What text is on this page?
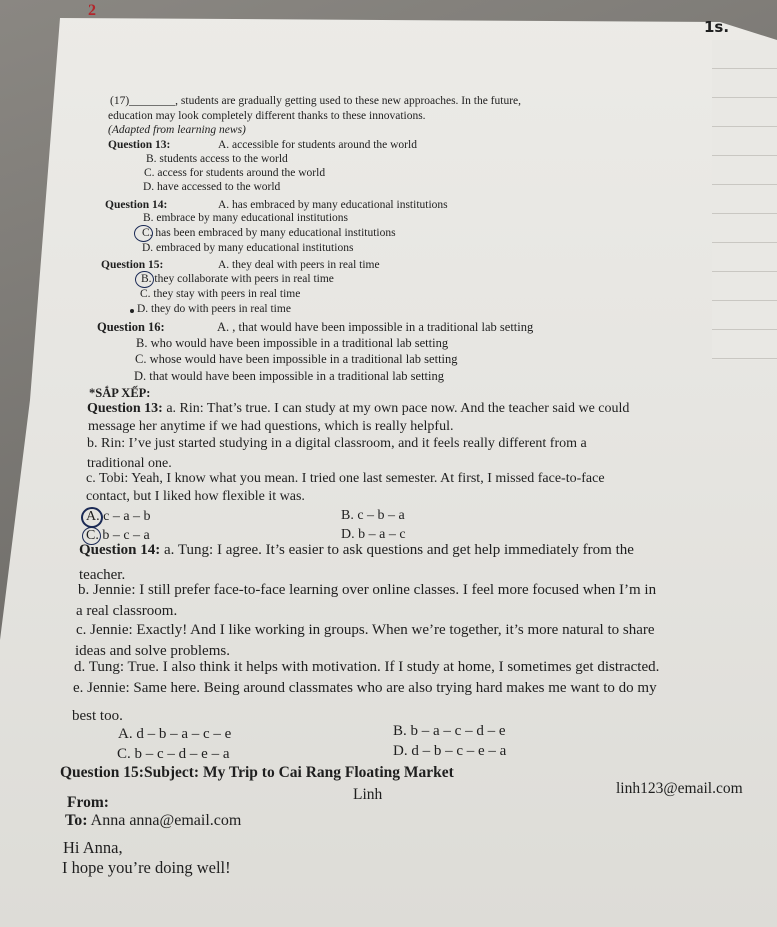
2
1s.
(17)________, students are gradually getting used to these new approaches. In the future,
education may look completely different thanks to these innovations.
(Adapted from learning news)
Question 13:	A. accessible for students around the world
B. students access to the world
C. access for students around the world
D. have accessed to the world
Question 14:	A. has embraced by many educational institutions
B. embrace by many educational institutions
C. has been embraced by many educational institutions
D. embraced by many educational institutions
Question 15:	A. they deal with peers in real time
B. they collaborate with peers in real time
C. they stay with peers in real time
D. they do with peers in real time
Question 16:	A. , that would have been impossible in a traditional lab setting
B. who would have been impossible in a traditional lab setting
C. whose would have been impossible in a traditional lab setting
D. that would have been impossible in a traditional lab setting
*SẮP XẾP:
Question 13: a. Rin: That’s true. I can study at my own pace now. And the teacher said we could
message her anytime if we had questions, which is really helpful.
b. Rin: I’ve just started studying in a digital classroom, and it feels really different from a
traditional one.
c. Tobi: Yeah, I know what you mean. I tried one last semester. At first, I missed face-to-face
contact, but I liked how flexible it was.
A. c – a – b	B. c – b – a
C. b – c – a	D. b – a – c
Question 14: a. Tung: I agree. It’s easier to ask questions and get help immediately from the
teacher.
b. Jennie: I still prefer face-to-face learning over online classes. I feel more focused when I’m in
a real classroom.
c. Jennie: Exactly! And I like working in groups. When we’re together, it’s more natural to share
ideas and solve problems.
d. Tung: True. I also think it helps with motivation. If I study at home, I sometimes get distracted.
e. Jennie: Same here. Being around classmates who are also trying hard makes me want to do my
best too.
A. d – b – a – c – e	B. b – a – c – d – e
C. b – c – d – e – a	D. d – b – c – e – a
Question 15:Subject: My Trip to Cai Rang Floating Market
From:	Linh	linh123@email.com
To: Anna anna@email.com
Hi Anna,
I hope you’re doing well!
